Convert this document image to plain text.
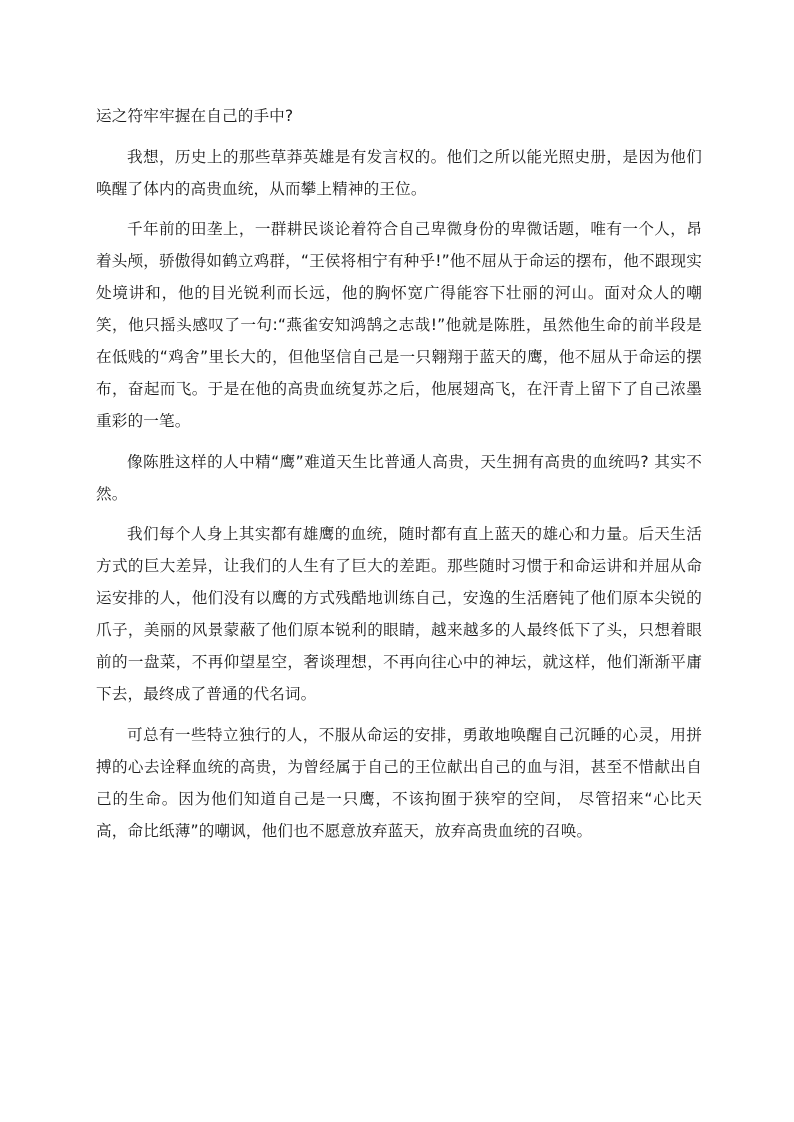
运之符牢牢握在自己的手中?

我想，历史上的那些草莽英雄是有发言权的。他们之所以能光照史册，是因为他们唤醒了体内的高贵血统，从而攀上精神的王位。

千年前的田垄上，一群耕民谈论着符合自己卑微身份的卑微话题，唯有一个人，昂着头颅，骄傲得如鹤立鸡群，“王侯将相宁有种乎!”他不屈从于命运的摆布，他不跟现实处境讲和，他的目光锐利而长远，他的胸怀宽广得能容下壮丽的河山。面对众人的嘲笑，他只摇头感叹了一句:“燕雀安知鸿鹄之志哉!”他就是陈胜，虽然他生命的前半段是在低贱的“鸡舍”里长大的，但他坚信自己是一只翱翔于蓝天的鹰，他不屈从于命运的摆布，奋起而飞。于是在他的高贵血统复苏之后，他展翅高飞，在汗青上留下了自己浓墨重彩的一笔。

像陈胜这样的人中精“鹰”难道天生比普通人高贵，天生拥有高贵的血统吗? 其实不然。

我们每个人身上其实都有雄鹰的血统，随时都有直上蓝天的雄心和力量。后天生活方式的巨大差异，让我们的人生有了巨大的差距。那些随时习惯于和命运讲和并屈从命运安排的人，他们没有以鹰的方式残酷地训练自己，安逸的生活磨钝了他们原本尖锐的爪子，美丽的风景蒙蔽了他们原本锐利的眼睛，越来越多的人最终低下了头，只想着眼前的一盘菜，不再仰望星空，奢谈理想，不再向往心中的神坛，就这样，他们渐渐平庸下去，最终成了普通的代名词。

可总有一些特立独行的人，不服从命运的安排，勇敢地唤醒自己沉睡的心灵，用拼搏的心去诠释血统的高贵，为曾经属于自己的王位献出自己的血与泪，甚至不惜献出自己的生命。因为他们知道自己是一只鹰，不该拘囿于狭窄的空间， 尽管招来“心比天高，命比纸薄”的嘲讽，他们也不愿意放弃蓝天，放弃高贵血统的召唤。
